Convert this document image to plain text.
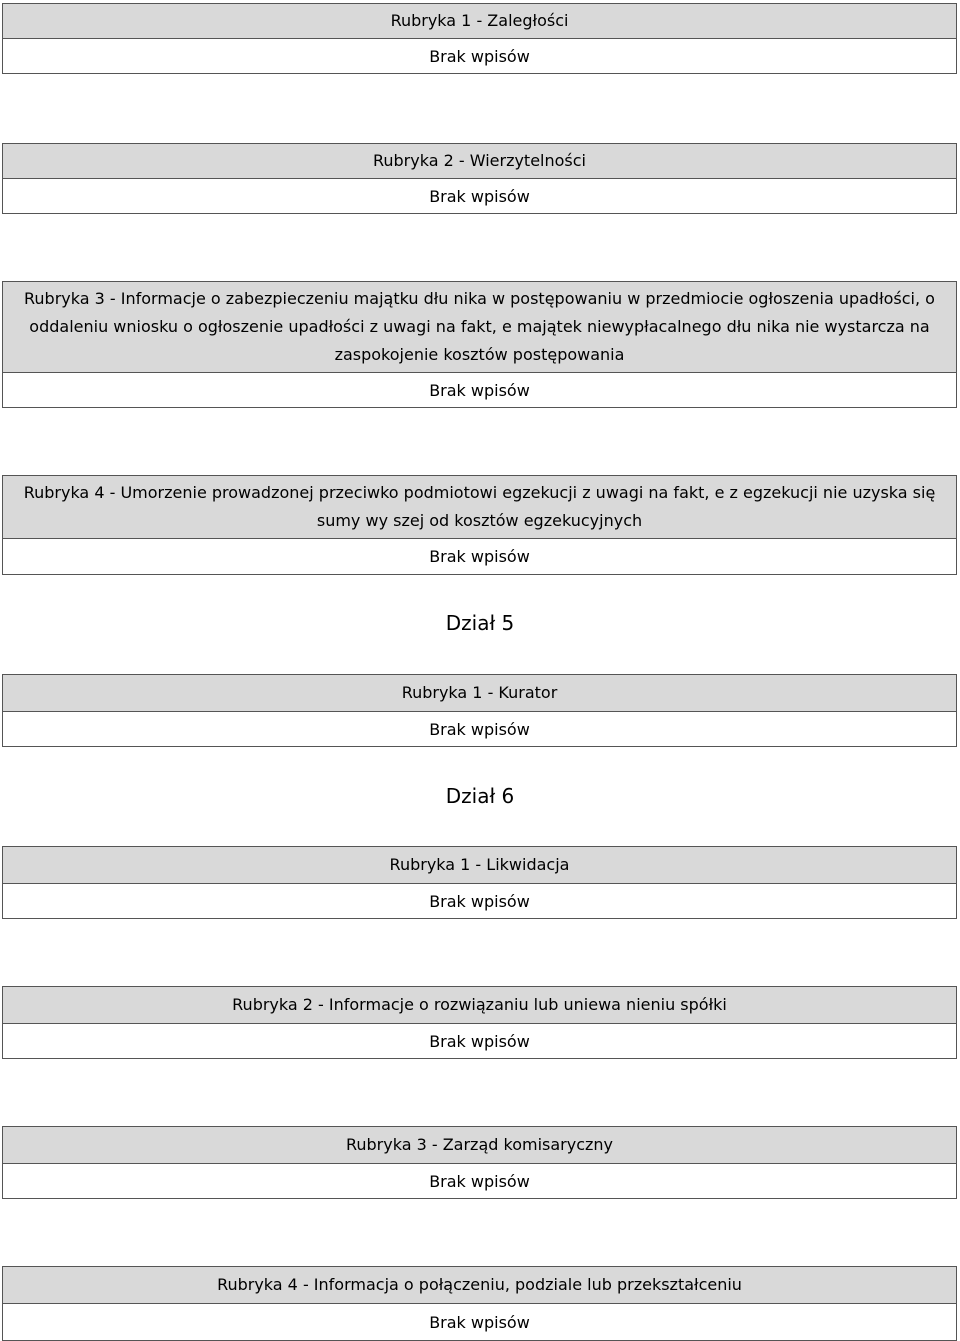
Rubryka 1 - Zaległości
Brak wpisów
Rubryka 2 - Wierzytelności
Brak wpisów
Rubryka 3 - Informacje o zabezpieczeniu majątku dłu nika w postępowaniu w przedmiocie ogłoszenia upadłości, o oddaleniu wniosku o ogłoszenie upadłości z uwagi na fakt, e majątek niewypłacalnego dłu nika nie wystarcza na zaspokojenie kosztów postępowania
Brak wpisów
Rubryka 4 - Umorzenie prowadzonej przeciwko podmiotowi egzekucji z uwagi na fakt, e z egzekucji nie uzyska się sumy wy szej od kosztów egzekucyjnych
Brak wpisów
Dział 5
Rubryka 1 - Kurator
Brak wpisów
Dział 6
Rubryka 1 - Likwidacja
Brak wpisów
Rubryka 2 - Informacje o rozwiązaniu lub uniewa nieniu spółki
Brak wpisów
Rubryka 3 - Zarząd komisaryczny
Brak wpisów
Rubryka 4 - Informacja o połączeniu, podziale lub przekształceniu
Brak wpisów
